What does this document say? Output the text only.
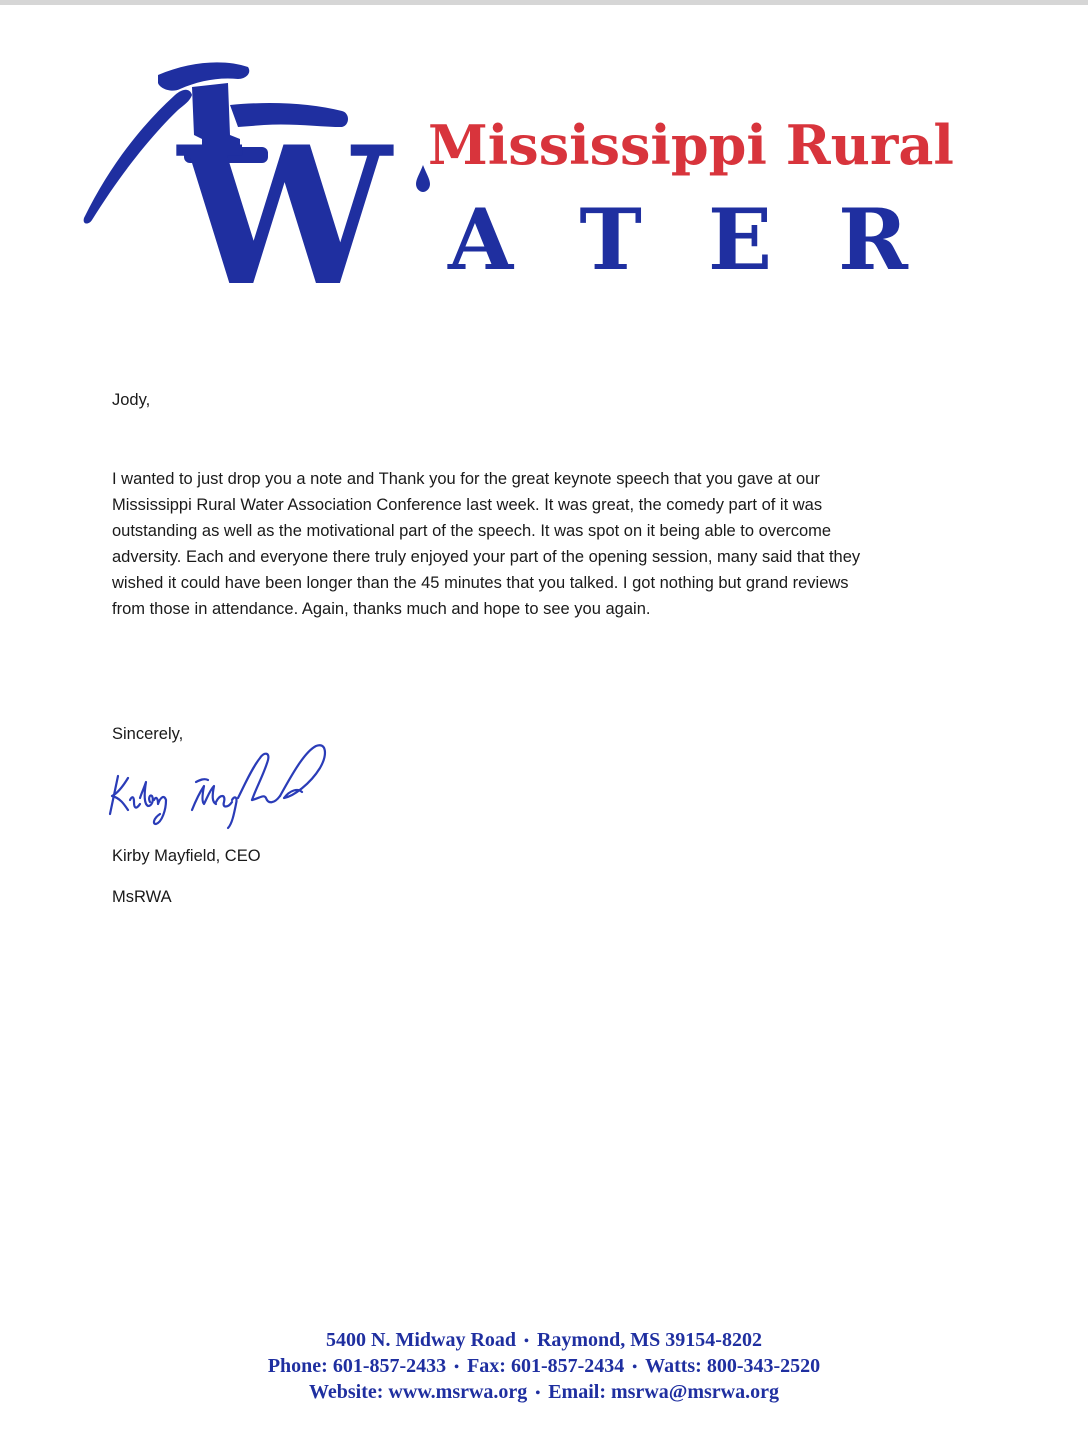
W Mississippi Rural
A T E R
Jody,
I wanted to just drop you a note and Thank you for the great keynote speech that you gave at our
Mississippi Rural Water Association Conference last week. It was great, the comedy part of it was
outstanding as well as the motivational part of the speech. It was spot on it being able to overcome
adversity. Each and everyone there truly enjoyed your part of the opening session, many said that they
wished it could have been longer than the 45 minutes that you talked. I got nothing but grand reviews
from those in attendance. Again, thanks much and hope to see you again.
Sincerely,
Kirby Mayfield, CEO
MsRWA
5400 N. Midway Road • Raymond, MS 39154-8202
Phone: 601-857-2433 • Fax: 601-857-2434 • Watts: 800-343-2520
Website: www.msrwa.org • Email: msrwa@msrwa.org
